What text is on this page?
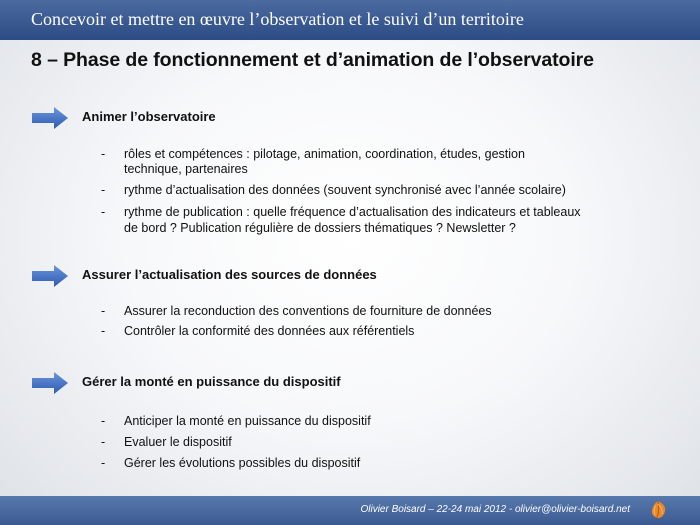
Concevoir et mettre en œuvre l’observation et le suivi d’un territoire
8 – Phase de fonctionnement et d’animation de l’observatoire
Animer l’observatoire
- rôles et compétences : pilotage, animation, coordination, études, gestion
technique, partenaires
- rythme d’actualisation des données (souvent synchronisé avec l’année scolaire)
- rythme de publication : quelle fréquence d’actualisation des indicateurs et tableaux
de bord ? Publication régulière de dossiers thématiques ? Newsletter ?
Assurer l’actualisation des sources de données
- Assurer la reconduction des conventions de fourniture de données
- Contrôler la conformité des données aux référentiels
Gérer la monté en puissance du dispositif
- Anticiper la monté en puissance du dispositif
- Evaluer le dispositif
- Gérer les évolutions possibles du dispositif
Olivier Boisard – 22-24 mai 2012 - olivier@olivier-boisard.net
